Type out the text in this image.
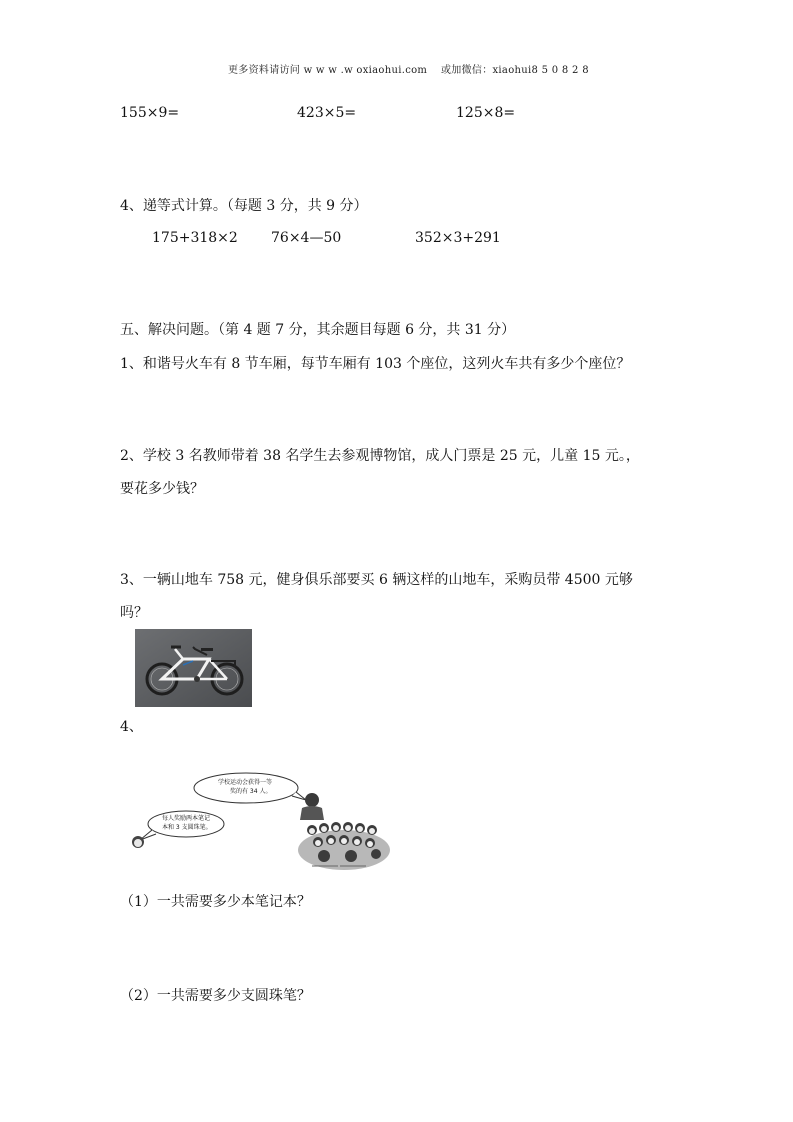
更多资料请访问 w w w .w oxiaohui.com　 或加微信：xiaohui8 5 0 8 2 8
155×9=	423×5=	125×8=
4、递等式计算。（每题 3 分，共 9 分）
175+318×2 76×4—50	352×3+291
五、解决问题。（第 4 题 7 分，其余题目每题 6 分，共 31 分）
1、和谐号火车有 8 节车厢，每节车厢有 103 个座位，这列火车共有多少个座位？
2、学校 3 名教师带着 38 名学生去参观博物馆，成人门票是 25 元，儿童 15 元。，
要花多少钱？
3、一辆山地车 758 元，健身俱乐部要买 6 辆这样的山地车，采购员带 4500 元够
吗？
4、
学校运动会获得一等
奖的有 34 人。
每人奖励两本笔记
本和 3 支圆珠笔。
（1）一共需要多少本笔记本？
（2）一共需要多少支圆珠笔？
